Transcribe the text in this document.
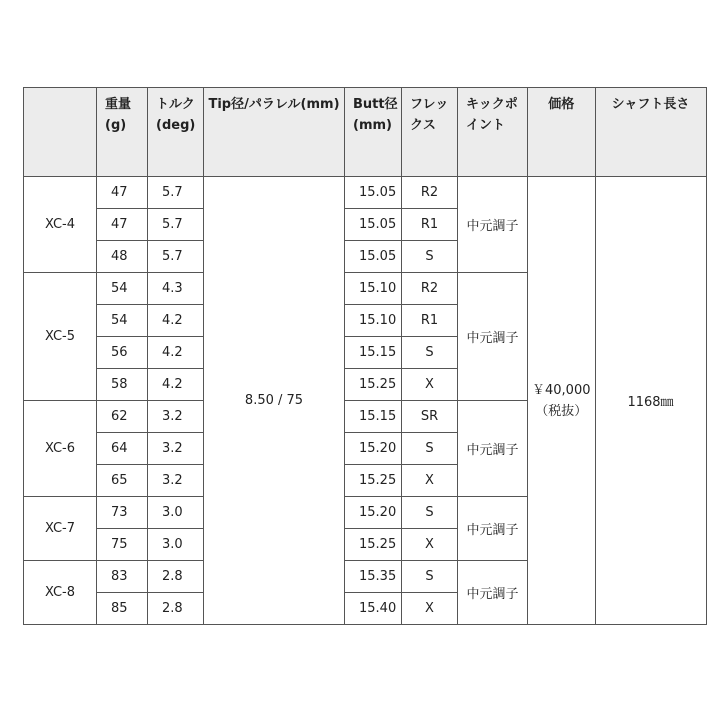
	重量(g)	トルク(deg)	Tip径/パラレル(mm)	Butt径(mm)	フレックス	キックポイント	価格	シャフト長さ
XC-4	47	5.7	8.50 / 75	15.05	R2	中元調子	￥40,000（税抜）	1168㎜
	47	5.7		15.05	R1			
	48	5.7		15.05	S			
XC-5	54	4.3		15.10	R2	中元調子		
	54	4.2		15.10	R1			
	56	4.2		15.15	S			
	58	4.2		15.25	X			
XC-6	62	3.2		15.15	SR	中元調子		
	64	3.2		15.20	S			
	65	3.2		15.25	X			
XC-7	73	3.0		15.20	S	中元調子		
	75	3.0		15.25	X			
XC-8	83	2.8		15.35	S	中元調子		
	85	2.8		15.40	X			
